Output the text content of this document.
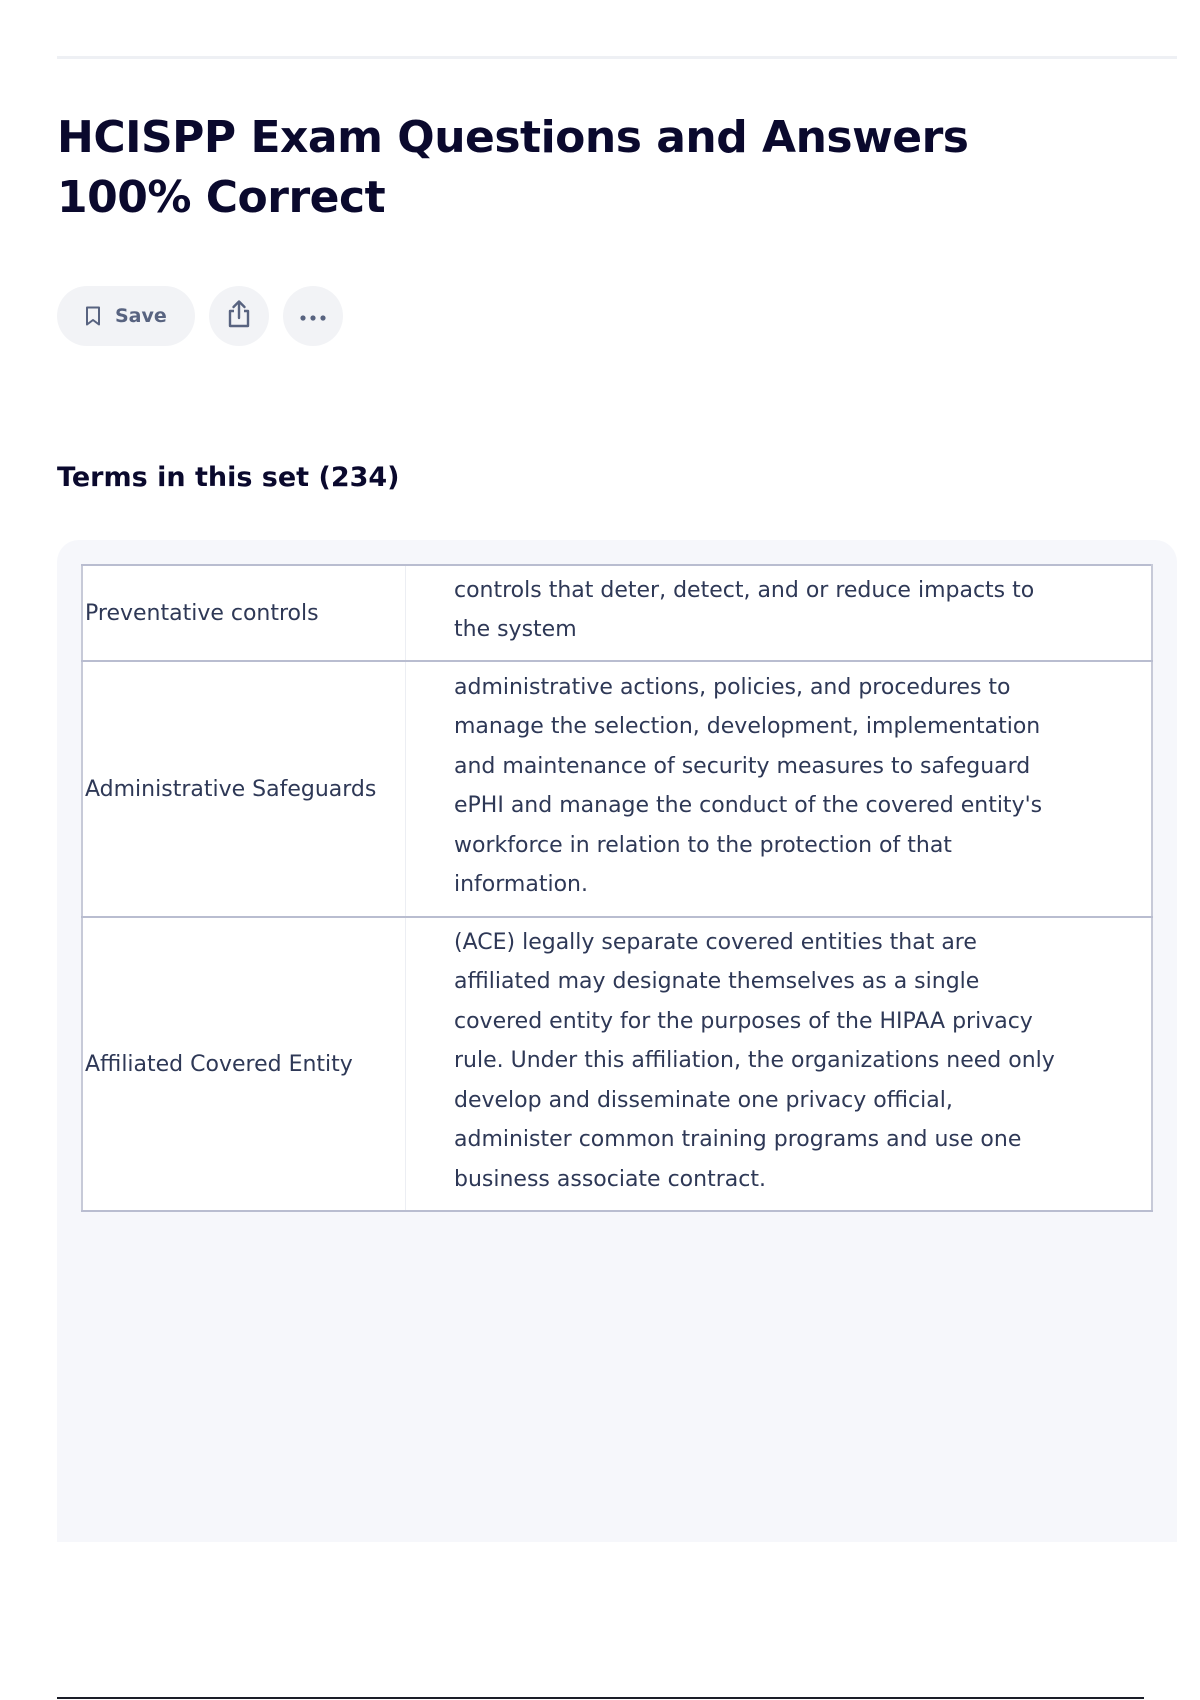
HCISPP Exam Questions and Answers 100% Correct
Save
Terms in this set (234)
Preventative controls	controls that deter, detect, and or reduce impacts to the system
Administrative Safeguards	administrative actions, policies, and procedures to manage the selection, development, implementation and maintenance of security measures to safeguard ePHI and manage the conduct of the covered entity's workforce in relation to the protection of that information.
Affiliated Covered Entity	(ACE) legally separate covered entities that are affiliated may designate themselves as a single covered entity for the purposes of the HIPAA privacy rule. Under this affiliation, the organizations need only develop and disseminate one privacy official, administer common training programs and use one business associate contract.
